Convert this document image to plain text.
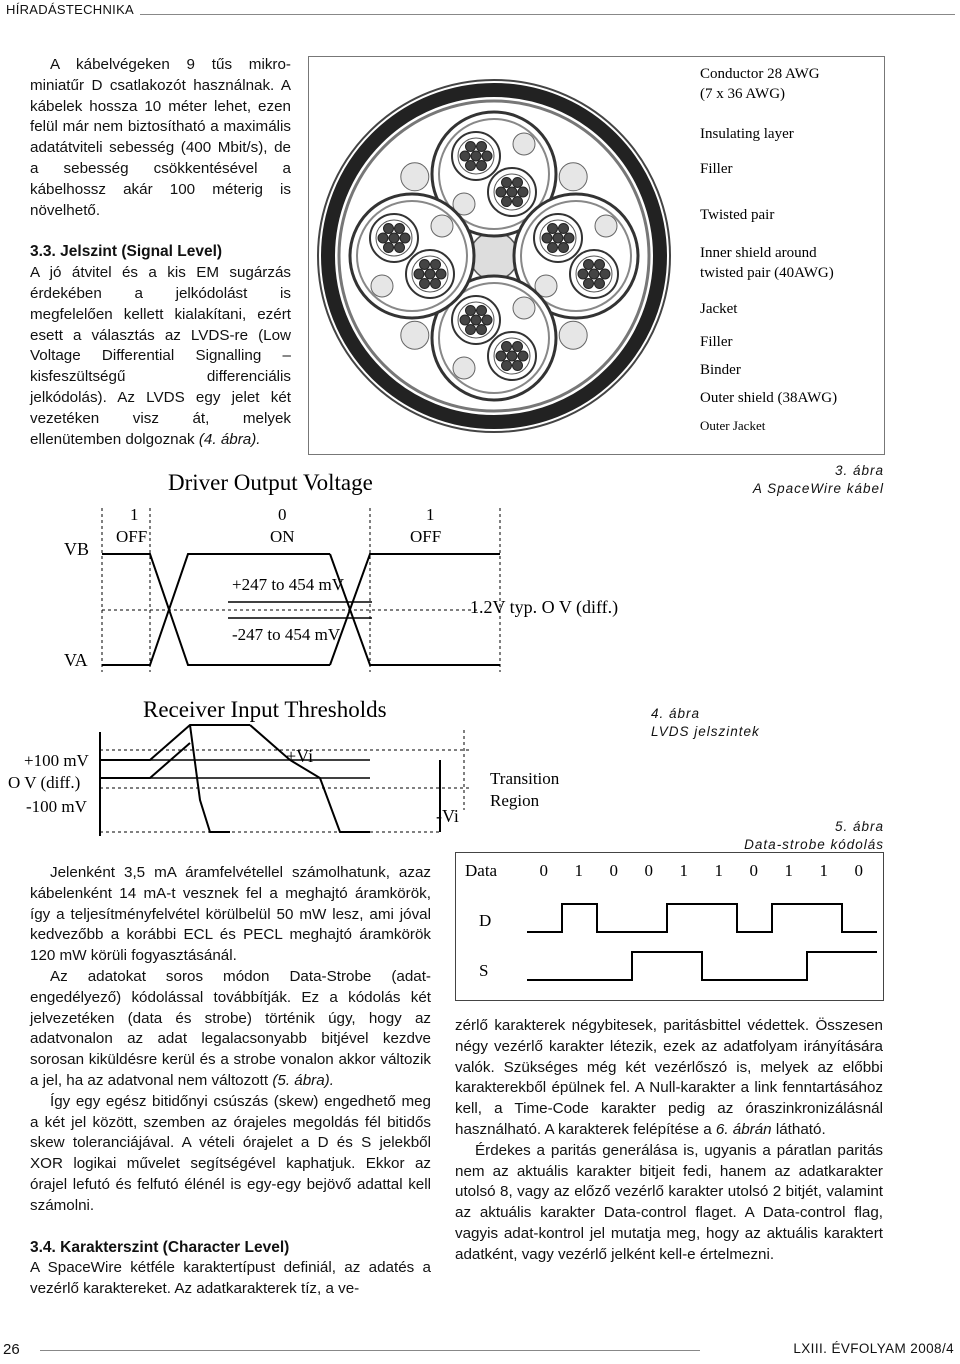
HÍRADÁSTECHNIKA

A kábelvégeken 9 tűs mikro-miniatűr D csatlakozót használnak. A kábelek hossza 10 méter lehet, ezen felül már nem biztosítható a maximális adatátviteli sebesség (400 Mbit/s), de a sebesség csökkentésével a kábelhossz akár 100 méterig is növelhető.

3.3. Jelszint (Signal Level)

A jó átvitel és a kis EM sugárzás érdekében a jelkódolást is megfelelően kellett kialakítani, ezért esett a választás az LVDS-re (Low Voltage Differential Signalling – kisfeszültségű differenciális jelkódolás). Az LVDS egy jelet két vezetéken visz át, melyek ellenütemben dolgoznak (4. ábra).

Conductor 28 AWG
(7 x 36 AWG)
Insulating layer
Filler
Twisted pair
Inner shield around
twisted pair (40AWG)
Jacket
Filler
Binder
Outer shield (38AWG)
Outer Jacket
3. ábra
A SpaceWire kábel
Driver Output Voltage
1
OFF
0
ON
1
OFF
VB
VA
+247 to 454 mV
-247 to 454 mV
1.2V typ. O V (diff.)
Receiver Input Thresholds
+100 mV
O V (diff.)
-100 mV
+Vi
-Vi
Transition
Region
4. ábra
LVDS jelszintek
5. ábra
Data-strobe kódolás
Data 0 1 0 0 1 1 0 1 1 0
D
S

Jelenként 3,5 mA áramfelvétellel számolhatunk, azaz kábelenként 14 mA-t vesznek fel a meghajtó áramkörök, így a teljesítményfelvétel körülbelül 50 mW lesz, ami jóval kedvezőbb a korábbi ECL és PECL meghajtó áramkörök 120 mW körüli fogyasztásánál.

Az adatokat soros módon Data-Strobe (adat-engedélyező) kódolással továbbítják. Ez a kódolás két jelvezetéken (data és strobe) történik úgy, hogy az adatvonalon az adat legalacsonyabb bitjével kezdve sorosan kiküldésre kerül és a strobe vonalon akkor változik a jel, ha az adatvonal nem változott (5. ábra).

Így egy egész bitidőnyi csúszás (skew) engedhető meg a két jel között, szemben az órajeles megoldás fél bitidős skew toleranciájával. A vételi órajelet a D és S jelekből XOR logikai művelet segítségével kaphatjuk. Ekkor az órajel lefutó és felfutó élénél is egy-egy bejövő adattal kell számolni.

3.4. Karakterszint (Character Level)

A SpaceWire kétféle karaktertípust definiál, az adatés a vezérlő karaktereket. Az adatkarakterek tíz, a ve-

zérlő karakterek négybitesek, paritásbittel védettek. Összesen négy vezérlő karakter létezik, ezek az adatfolyam irányítására valók. Szükséges még két vezérlőszó is, melyek az előbbi karakterekből épülnek fel. A Null-karakter a link fenntartásához kell, a Time-Code karakter pedig az óraszinkronizálásnál használható. A karakterek felépítése a 6. ábrán látható.

Érdekes a paritás generálása is, ugyanis a páratlan paritás nem az aktuális karakter bitjeit fedi, hanem az adatkarakter utolsó 8, vagy az előző vezérlő karakter utolsó 2 bitjét, valamint az aktuális karakter Data-control flaget. A Data-control flag, vagyis adat-kontrol jel mutatja meg, hogy az aktuális karaktert adatként, vagy vezérlő jelként kell-e értelmezni.

26	LXIII. ÉVFOLYAM 2008/4
